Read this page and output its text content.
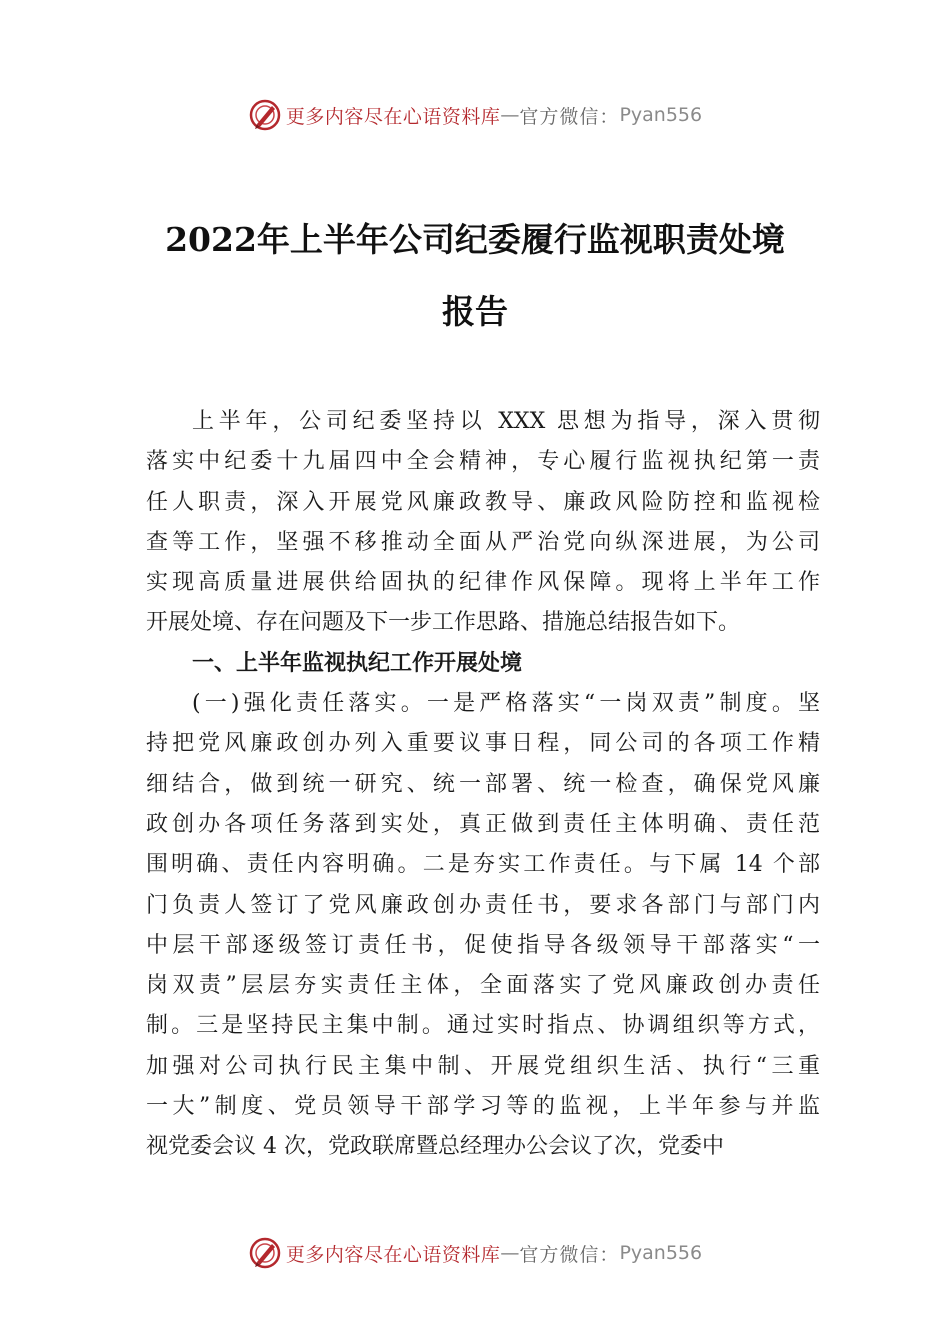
更多内容尽在心语资料库 — 官方微信： Pyan556
2022年上半年公司纪委履行监视职责处境
报告
上半年，公司纪委坚持以 XXX 思想为指导，深入贯彻
落实中纪委十九届四中全会精神，专心履行监视执纪第一责
任人职责，深入开展党风廉政教导、廉政风险防控和监视检
查等工作，坚强不移推动全面从严治党向纵深进展，为公司
实现高质量进展供给固执的纪律作风保障。现将上半年工作
开展处境、存在问题及下一步工作思路、措施总结报告如下。
一、上半年监视执纪工作开展处境
(一)强化责任落实。一是严格落实“一岗双责”制度。坚
持把党风廉政创办列入重要议事日程，同公司的各项工作精
细结合，做到统一研究、统一部署、统一检查，确保党风廉
政创办各项任务落到实处，真正做到责任主体明确、责任范
围明确、责任内容明确。二是夯实工作责任。与下属 14 个部
门负责人签订了党风廉政创办责任书，要求各部门与部门内
中层干部逐级签订责任书，促使指导各级领导干部落实“一
岗双责”层层夯实责任主体，全面落实了党风廉政创办责任
制。三是坚持民主集中制。通过实时指点、协调组织等方式，
加强对公司执行民主集中制、开展党组织生活、执行“三重
一大”制度、党员领导干部学习等的监视，上半年参与并监
视党委会议 4 次，党政联席暨总经理办公会议了次，党委中
更多内容尽在心语资料库 — 官方微信： Pyan556
